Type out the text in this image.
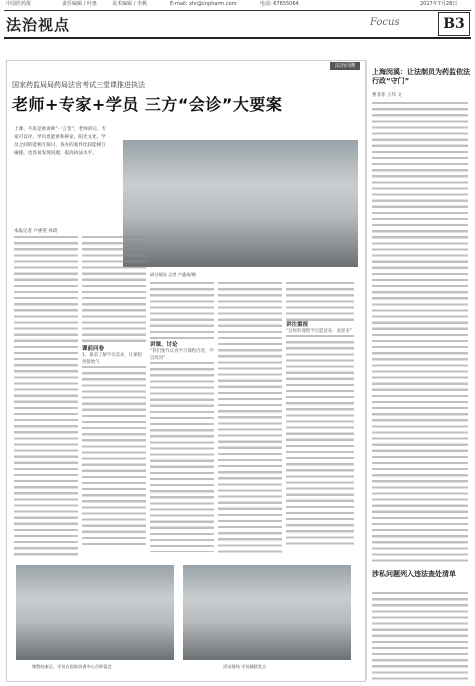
中国医药报	责任编辑 / 叶惠	美术编辑 / 李燕	E-mail: xhr@cnpharm.com	电话: 67655064	2017年7月28日
法治视点	Focus	B3
法治回溯
国家药监局局药局法官考试三堂课推进执法
老师+专家+学员 三方“会诊”大要案
上课、不再是被讲师“一言堂”、老师讲完、专家可以评、学员也能讲和辩论。阳光文化、学员之间的能相互探讨，查办的案件比较能相互碰撞，也容易发现问题，提高执法水平。
本报记者 卢惠英 孙琦
研讨现场 记者 卢惠英/摄
课前问卷
1、课前了解学员需求、让课程更接地气
讲课、讨论
“我们要作认真学习课程内容，学以致用”
讲注重视
“这样的课程学员愿意来，欢迎来”
课程结束后，学员在国家培训中心合影留念	活动现场 学员踊跃发言
上海闵溪：让法制员为药监依法行政“守门”
曹菲菲 王伟 文
涉私问题列入违法查处清单
